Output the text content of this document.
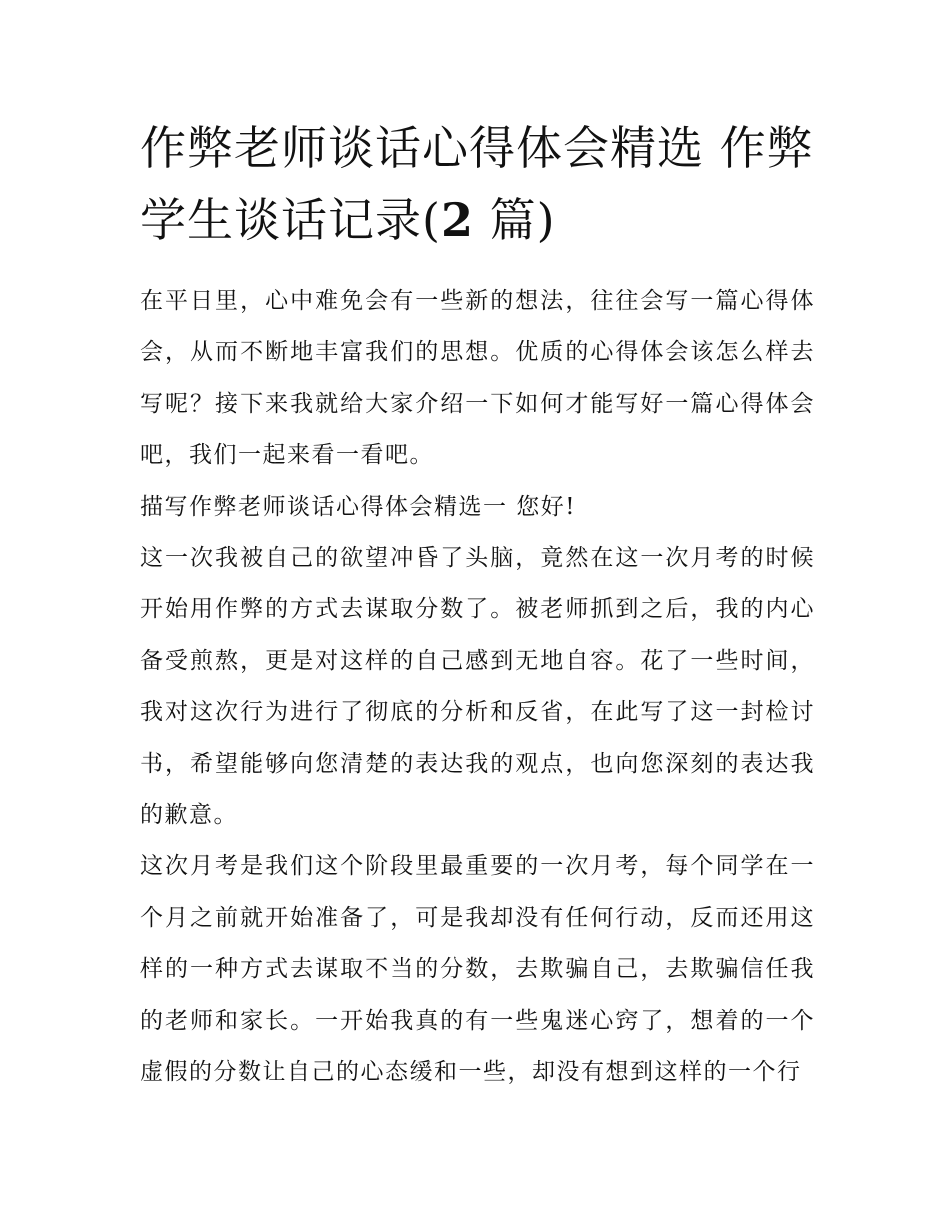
作弊老师谈话心得体会精选 作弊学生谈话记录(2 篇)

在平日里，心中难免会有一些新的想法，往往会写一篇心得体会，从而不断地丰富我们的思想。优质的心得体会该怎么样去写呢？接下来我就给大家介绍一下如何才能写好一篇心得体会吧，我们一起来看一看吧。

描写作弊老师谈话心得体会精选一 您好!

这一次我被自己的欲望冲昏了头脑，竟然在这一次月考的时候开始用作弊的方式去谋取分数了。被老师抓到之后，我的内心备受煎熬，更是对这样的自己感到无地自容。花了一些时间，我对这次行为进行了彻底的分析和反省，在此写了这一封检讨书，希望能够向您清楚的表达我的观点，也向您深刻的表达我的歉意。

这次月考是我们这个阶段里最重要的一次月考，每个同学在一个月之前就开始准备了，可是我却没有任何行动，反而还用这样的一种方式去谋取不当的分数，去欺骗自己，去欺骗信任我的老师和家长。一开始我真的有一些鬼迷心窍了，想着的一个虚假的分数让自己的心态缓和一些，却没有想到这样的一个行
